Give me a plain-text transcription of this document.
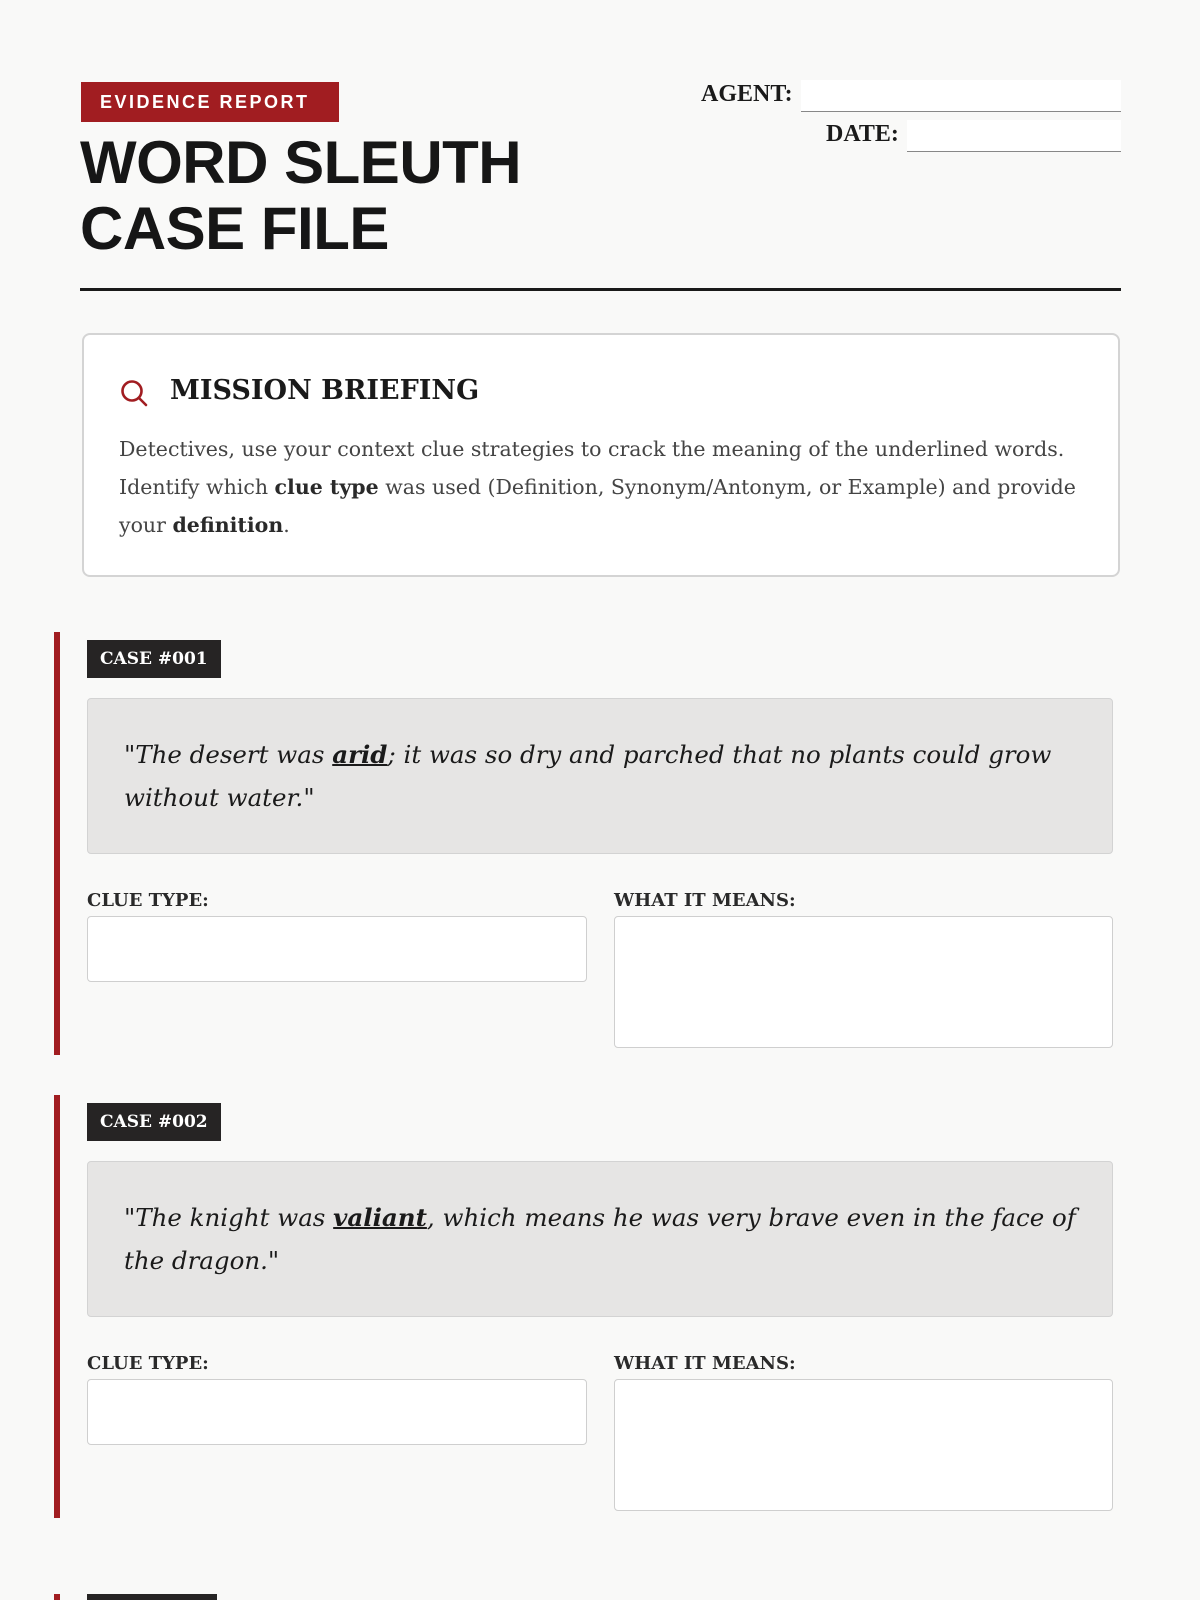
EVIDENCE REPORT
WORD SLEUTH
CASE FILE
AGENT:
DATE:
MISSION BRIEFING
Detectives, use your context clue strategies to crack the meaning of the underlined words. Identify which clue type was used (Definition, Synonym/Antonym, or Example) and provide your definition.
CASE #001
"The desert was arid; it was so dry and parched that no plants could grow without water."
CLUE TYPE:	WHAT IT MEANS:
CASE #002
"The knight was valiant, which means he was very brave even in the face of the dragon."
CLUE TYPE:	WHAT IT MEANS:
